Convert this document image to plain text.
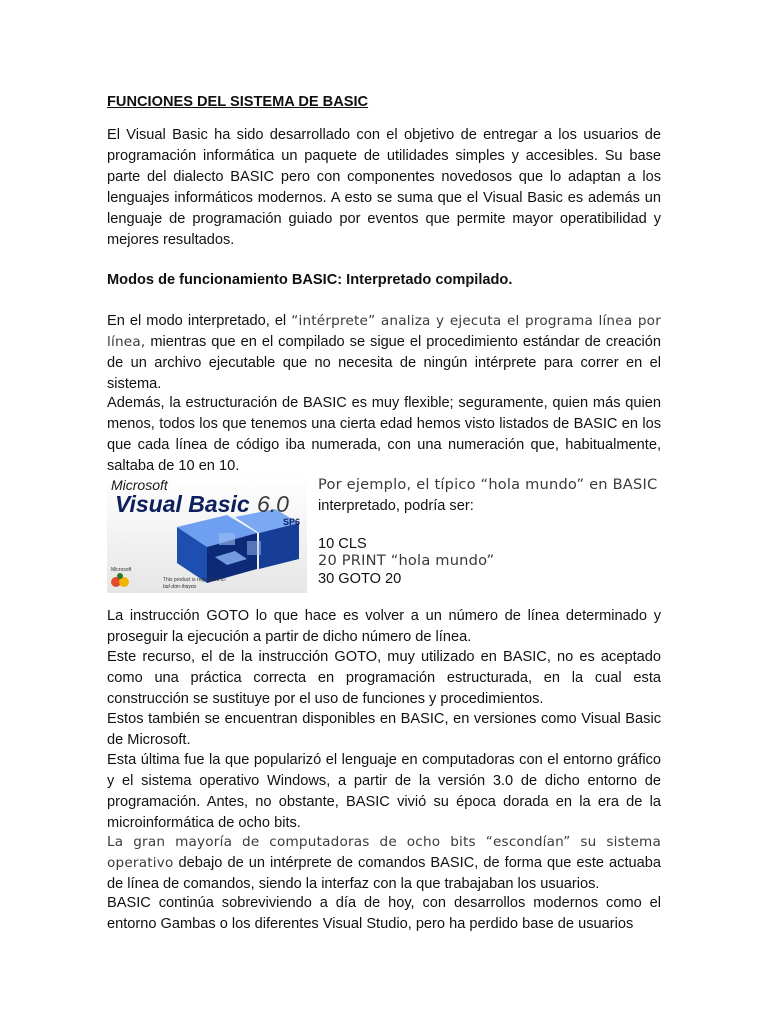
FUNCIONES DEL SISTEMA DE BASIC

El Visual Basic ha sido desarrollado con el objetivo de entregar a los usuarios de programación informática un paquete de utilidades simples y accesibles. Su base parte del dialecto BASIC pero con componentes novedosos que lo adaptan a los lenguajes informáticos modernos. A esto se suma que el Visual Basic es además un lenguaje de programación guiado por eventos que permite mayor operatibilidad y mejores resultados.

Modos de funcionamiento BASIC: Interpretado compilado.

En el modo interpretado, el “intérprete” analiza y ejecuta el programa línea por línea, mientras que en el compilado se sigue el procedimiento estándar de creación de un archivo ejecutable que no necesita de ningún intérprete para correr en el sistema.

Además, la estructuración de BASIC es muy flexible; seguramente, quien más quien menos, todos los que tenemos una cierta edad hemos visto listados de BASIC en los que cada línea de código iba numerada, con una numeración que, habitualmente, saltaba de 10 en 10.

Microsoft
Visual Basic 6.0
SP6
Microsoft
This product is registered to:
bαl·dαn·thαyαs

Por ejemplo, el típico “hola mundo” en BASIC

interpretado, podría ser:

10 CLS

20 PRINT “hola mundo”

30 GOTO 20

La instrucción GOTO lo que hace es volver a un número de línea determinado y proseguir la ejecución a partir de dicho número de línea.

Este recurso, el de la instrucción GOTO, muy utilizado en BASIC, no es aceptado como una práctica correcta en programación estructurada, en la cual esta construcción se sustituye por el uso de funciones y procedimientos.

Estos también se encuentran disponibles en BASIC, en versiones como Visual Basic de Microsoft.

Esta última fue la que popularizó el lenguaje en computadoras con el entorno gráfico y el sistema operativo Windows, a partir de la versión 3.0 de dicho entorno de programación. Antes, no obstante, BASIC vivió su época dorada en la era de la microinformática de ocho bits.

La gran mayoría de computadoras de ocho bits “escondían” su sistema operativo debajo de un intérprete de comandos BASIC, de forma que este actuaba de línea de comandos, siendo la interfaz con la que trabajaban los usuarios.

BASIC continúa sobreviviendo a día de hoy, con desarrollos modernos como el entorno Gambas o los diferentes Visual Studio, pero ha perdido base de usuarios
